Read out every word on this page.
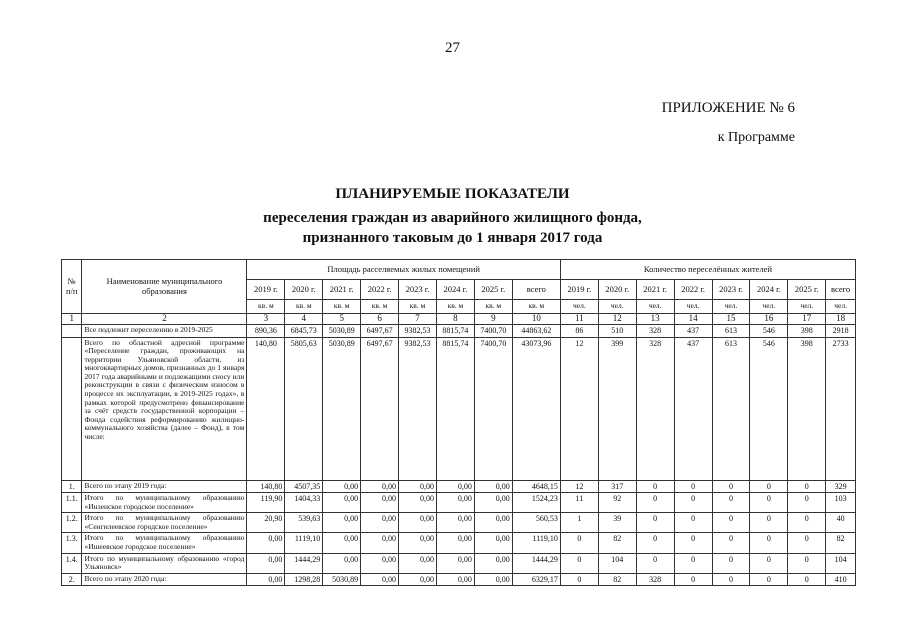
27
ПРИЛОЖЕНИЕ № 6
к Программе
ПЛАНИРУЕМЫЕ ПОКАЗАТЕЛИ
переселения граждан из аварийного жилищного фонда,
признанного таковым до 1 января 2017 года
№ п/п	Наименование муниципального образования	Площадь расселяемых жилых помещений								Количество переселённых жителей							
		2019 г.	2020 г.	2021 г.	2022 г.	2023 г.	2024 г.	2025 г.	всего	2019 г.	2020 г.	2021 г.	2022 г.	2023 г.	2024 г.	2025 г.	всего
		кв. м	кв. м	кв. м	кв. м	кв. м	кв. м	кв. м	кв. м	чел.	чел.	чел.	чел.	чел.	чел.	чел.	чел.
1	2	3	4	5	6	7	8	9	10	11	12	13	14	15	16	17	18
	Все подлежит переселению в 2019-2025	890,36	6845,73	5030,89	6497,67	9382,53	8815,74	7400,70	44863,62	86	510	328	437	613	546	398	2918
	Всего по областной адресной программе «Переселение граждан, проживающих на территории Ульяновской области, из многоквартирных домов, признанных до 1 января 2017 года аварийными и подлежащими сносу или реконструкции в связи с физическим износом в процессе их эксплуатации, в 2019-2025 годах», в рамках которой предусмотрено финансирование за счёт средств государственной корпорации – Фонда содействия реформированию жилищно-коммунального хозяйства (далее – Фонд), в том числе:	140,80	5805,63	5030,89	6497,67	9382,53	8815,74	7400,70	43073,96	12	399	328	437	613	546	398	2733
1.	Всего по этапу 2019 года:	140,80	4507,35	0,00	0,00	0,00	0,00	0,00	4648,15	12	317	0	0	0	0	0	329
1.1.	Итого по муниципальному образованию «Инзенское городское поселение»	119,90	1404,33	0,00	0,00	0,00	0,00	0,00	1524,23	11	92	0	0	0	0	0	103
1.2.	Итого по муниципальному образованию «Сенгилеевское городское поселение»	20,90	539,63	0,00	0,00	0,00	0,00	0,00	560,53	1	39	0	0	0	0	0	40
1.3.	Итого по муниципальному образованию «Ишеевское городское поселение»	0,00	1119,10	0,00	0,00	0,00	0,00	0,00	1119,10	0	82	0	0	0	0	0	82
1.4.	Итого по муниципальному образованию «город Ульяновск»	0,00	1444,29	0,00	0,00	0,00	0,00	0,00	1444,29	0	104	0	0	0	0	0	104
2.	Всего по этапу 2020 года:	0,00	1298,28	5030,89	0,00	0,00	0,00	0,00	6329,17	0	82	328	0	0	0	0	410
